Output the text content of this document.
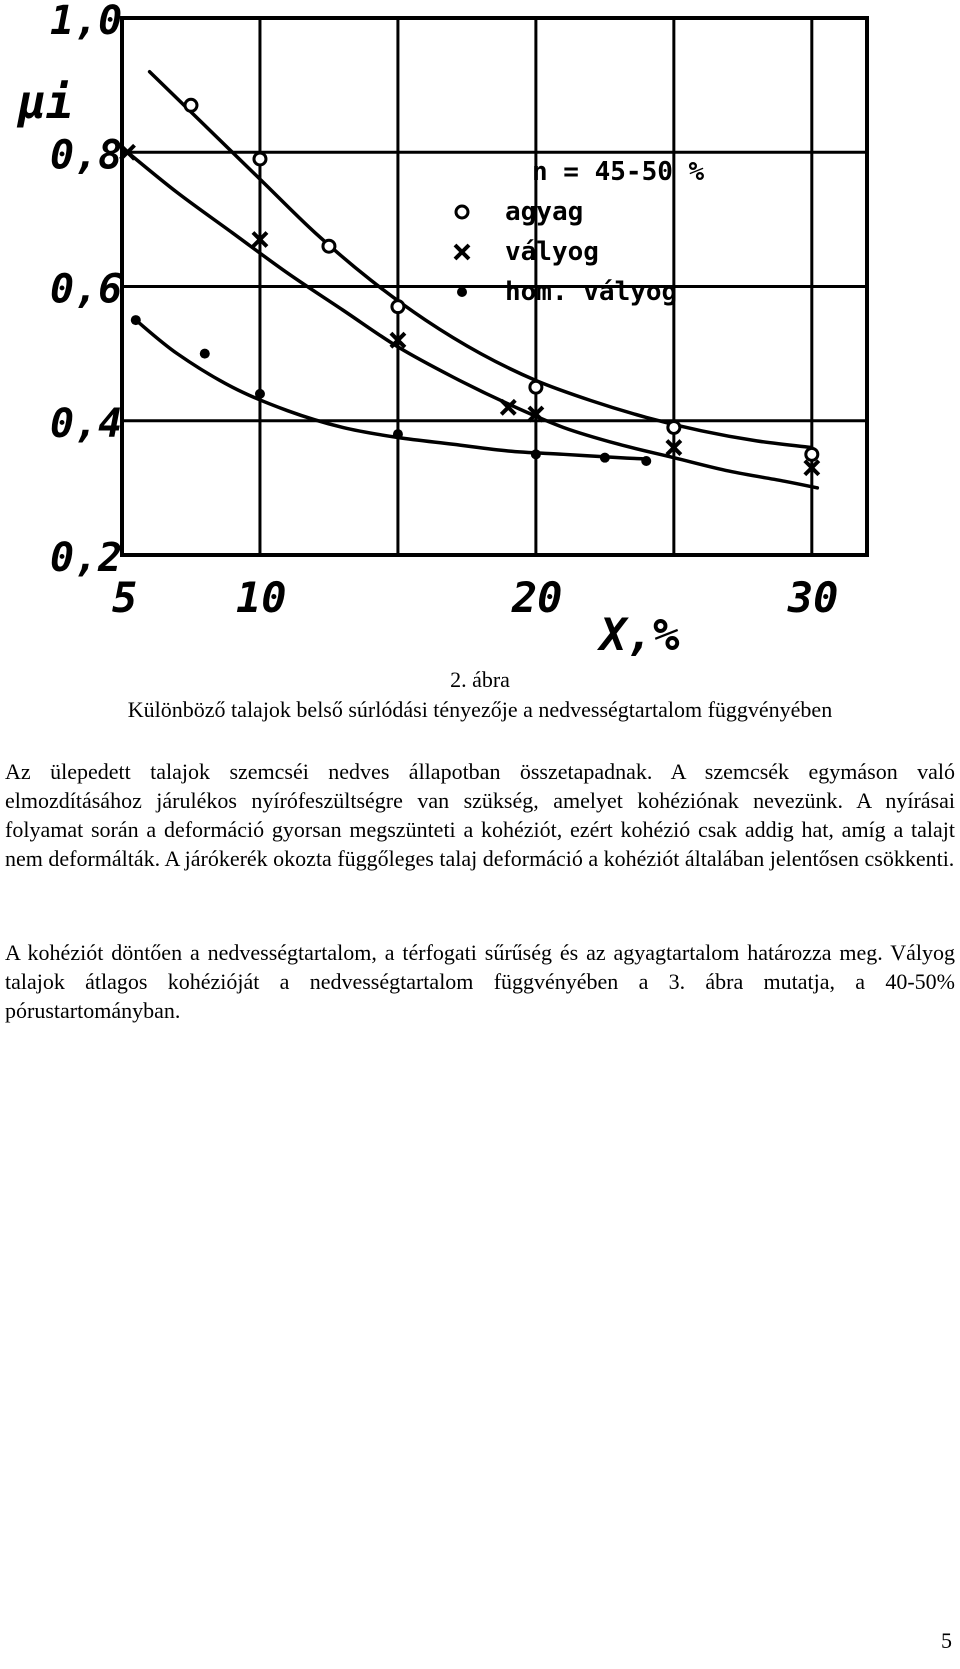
1,0
0,8
0,6
0,4
0,2
5 10	20	30
μi
X,%
n = 45-50 %
agyag
vályog
hom. vályog
2. ábra
Különböző talajok belső súrlódási tényezője a nedvességtartalom függvényében

Az ülepedett talajok szemcséi nedves állapotban összetapadnak. A szemcsék egymáson való elmozdításához járulékos nyírófeszültségre van szükség, amelyet kohéziónak nevezünk. A nyírásai folyamat során a deformáció gyorsan megszünteti a kohéziót, ezért kohézió csak addig hat, amíg a talajt nem deformálták. A járókerék okozta függőleges talaj deformáció a kohéziót általában jelentősen csökkenti.

A kohéziót döntően a nedvességtartalom, a térfogati sűrűség és az agyagtartalom határozza meg. Vályog talajok átlagos kohézióját a nedvességtartalom függvényében a 3. ábra mutatja, a 40-50% pórustartományban.

5
